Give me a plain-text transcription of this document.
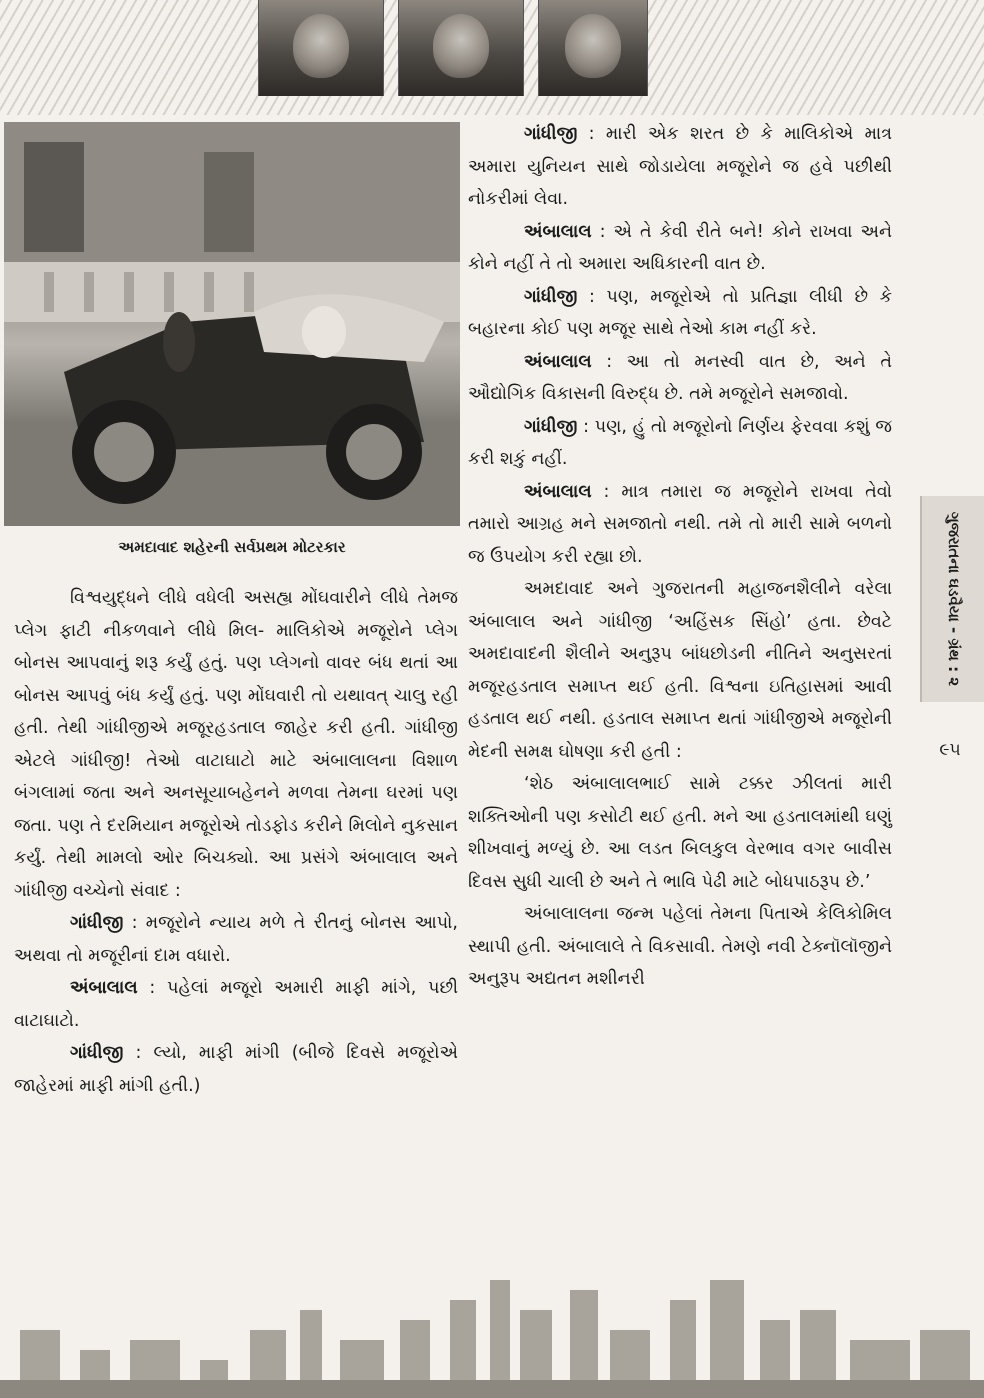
અમદાવાદ શહેરની સર્વપ્રથમ મોટરકાર

વિશ્વયુદ્ધને લીધે વધેલી અસહ્ય મોંઘવારીને લીધે તેમજ પ્લેગ ફાટી નીકળવાને લીધે મિલ- માલિકોએ મજૂરોને પ્લેગ બોનસ આપવાનું શરૂ કર્યું હતું. પણ પ્લેગનો વાવર બંધ થતાં આ બોનસ આપવું બંધ કર્યું હતું. પણ મોંઘવારી તો યથાવત્ ચાલુ રહી હતી. તેથી ગાંધીજીએ મજૂરહડતાલ જાહેર કરી હતી. ગાંધીજી એટલે ગાંધીજી! તેઓ વાટાઘાટો માટે અંબાલાલના વિશાળ બંગલામાં જતા અને અનસૂયાબહેનને મળવા તેમના ઘરમાં પણ જતા. પણ તે દરમિયાન મજૂરોએ તોડફોડ કરીને મિલોને નુકસાન કર્યું. તેથી મામલો ઓર બિચક્યો. આ પ્રસંગે અંબાલાલ અને ગાંધીજી વચ્ચેનો સંવાદ :

ગાંધીજી : મજૂરોને ન્યાય મળે તે રીતનું બોનસ આપો, અથવા તો મજૂરીનાં દામ વધારો.

અંબાલાલ : પહેલાં મજૂરો અમારી માફી માંગે, પછી વાટાઘાટો.

ગાંધીજી : લ્યો, માફી માંગી (બીજે દિવસે મજૂરોએ જાહેરમાં માફી માંગી હતી.)

ગાંધીજી : મારી એક શરત છે કે માલિકોએ માત્ર અમારા યુનિયન સાથે જોડાયેલા મજૂરોને જ હવે પછીથી નોકરીમાં લેવા.

અંબાલાલ : એ તે કેવી રીતે બને! કોને રાખવા અને કોને નહીં તે તો અમારા અધિકારની વાત છે.

ગાંધીજી : પણ, મજૂરોએ તો પ્રતિજ્ઞા લીધી છે કે બહારના કોઈ પણ મજૂર સાથે તેઓ કામ નહીં કરે.

અંબાલાલ : આ તો મનસ્વી વાત છે, અને તે ઔદ્યોગિક વિકાસની વિરુદ્ધ છે. તમે મજૂરોને સમજાવો.

ગાંધીજી : પણ, હું તો મજૂરોનો નિર્ણય ફેરવવા કશું જ કરી શકું નહીં.

અંબાલાલ : માત્ર તમારા જ મજૂરોને રાખવા તેવો તમારો આગ્રહ મને સમજાતો નથી. તમે તો મારી સામે બળનો જ ઉપયોગ કરી રહ્યા છો.

અમદાવાદ અને ગુજરાતની મહાજનશૈલીને વરેલા અંબાલાલ અને ગાંધીજી ‘અહિંસક સિંહો’ હતા. છેવટે અમદાવાદની શૈલીને અનુરૂપ બાંધછોડની નીતિને અનુસરતાં મજૂરહડતાલ સમાપ્ત થઈ હતી. વિશ્વના ઇતિહાસમાં આવી હડતાલ થઈ નથી. હડતાલ સમાપ્ત થતાં ગાંધીજીએ મજૂરોની મેદની સમક્ષ ઘોષણા કરી હતી :

‘શેઠ અંબાલાલભાઈ સામે ટક્કર ઝીલતાં મારી શક્તિઓની પણ કસોટી થઈ હતી. મને આ હડતાલમાંથી ઘણું શીખવાનું મળ્યું છે. આ લડત બિલકુલ વેરભાવ વગર બાવીસ દિવસ સુધી ચાલી છે અને તે ભાવિ પેઢી માટે બોધપાઠરૂપ છે.’

અંબાલાલના જન્મ પહેલાં તેમના પિતાએ કેલિકોમિલ સ્થાપી હતી. અંબાલાલે તે વિકસાવી. તેમણે નવી ટેક્નૉલૉજીને અનુરૂપ અદ્યતન મશીનરી

ગુજરાતના ઘડવૈયા - ગ્રંથ : ૨
૯૫
